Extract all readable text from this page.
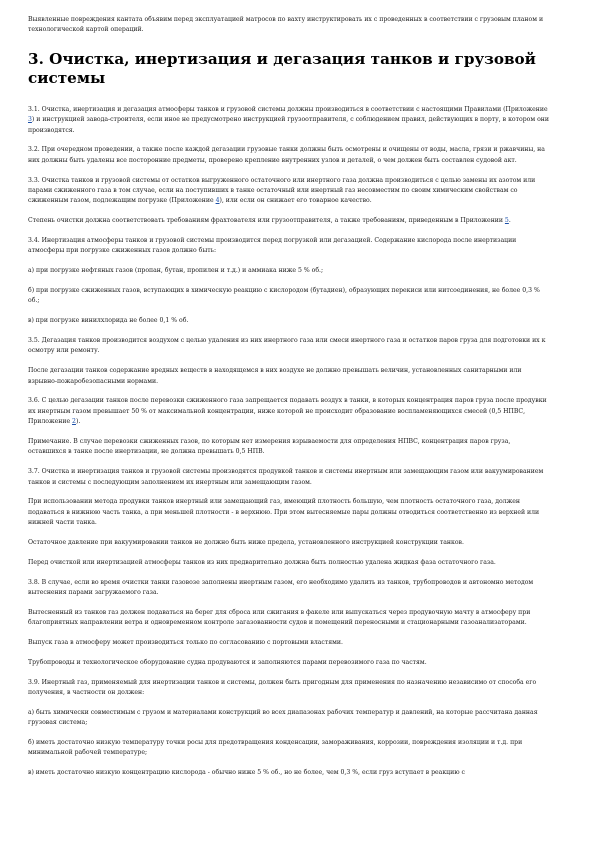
Выявленные повреждения кантата объявим перед эксплуатацией матросов по вахту инструктировать их с проведенных в соответствии с грузовым планом и технологической картой операций.

3. Очистка, инертизация и дегазация танков и грузовой системы

3.1. Очистка, инертизация и дегазация атмосферы танков и грузовой системы должны производиться в соответствии с настоящими Правилами (Приложение 3) и инструкцией завода-строителя, если иное не предусмотрено инструкцией грузоотправителя, с соблюдением правил, действующих в порту, в котором они производятся.

3.2. При очередном проведении, а также после каждой дегазации грузовые танки должны быть осмотрены и очищены от воды, масла, грязи и ржавчины, на них должны быть удалены все посторонние предметы, проверено крепление внутренних узлов и деталей, о чем должен быть составлен судовой акт.

3.3. Очистка танков и грузовой системы от остатков выгруженного остаточного или инертного газа должна производиться с целью замены их азотом или парами сжиженного газа в том случае, если на поступивших в танке остаточный или инертный газ несовместим по своим химическим свойствам со сжиженным газом, подлежащим погрузке (Приложение 4), или если он снижает его товарное качество.

Степень очистки должна соответствовать требованиям фрахтователя или грузоотправителя, а также требованиям, приведенным в Приложении 5.

3.4. Инертизация атмосферы танков и грузовой системы производится перед погрузкой или дегазацией. Содержание кислорода после инертизации атмосферы при погрузке сжиженных газов должно быть:

а) при погрузке нефтяных газов (пропан, бутан, пропилен и т.д.) и аммиака ниже 5 % об.;

б) при погрузке сжиженных газов, вступающих в химическую реакцию с кислородом (бутадиен), образующих перекиси или нитсоединения, не более 0,3 % об.;

в) при погрузке винилхлорида не более 0,1 % об.

3.5. Дегазация танков производится воздухом с целью удаления из них инертного газа или смеси инертного газа и остатков паров груза для подготовки их к осмотру или ремонту.

После дегазации танков содержание вредных веществ в находящемся в них воздухе не должно превышать величин, установленных санитарными или взрывно-пожаробезопасными нормами.

3.6. С целью дегазации танков после перевозки сжиженного газа запрещается подавать воздух в танки, в которых концентрация паров груза после продувки их инертным газом превышает 50 % от максимальной концентрации, ниже которой не происходит образование воспламеняющихся смесей (0,5 НПВС, Приложение 2).

Примечание. В случае перевозки сжиженных газов, по которым нет измерения взрываемости для определения НПВС, концентрация паров груза, оставшихся в танке после инертизации, не должна превышать 0,5 НПВ.

3.7. Очистка и инертизация танков и грузовой системы производятся продувкой танков и системы инертным или замещающим газом или вакуумированием танков и системы с последующим заполнением их инертным или замещающим газом.

При использовании метода продувки танков инертный или замещающий газ, имеющий плотность большую, чем плотность остаточного газа, должен подаваться в нижнюю часть танка, а при меньшей плотности - в верхнюю. При этом вытесняемые пары должны отводиться соответственно из верхней или нижней части танка.

Остаточное давление при вакуумировании танков не должно быть ниже предела, установленного инструкцией конструкции танков.

Перед очисткой или инертизацией атмосферы танков из них предварительно должна быть полностью удалена жидкая фаза остаточного газа.

3.8. В случае, если во время очистки танки газовозе заполнены инертным газом, его необходимо удалить из танков, трубопроводов и автономно методом вытеснения парами загружаемого газа.

Вытесненный из танков газ должен подаваться на берег для сброса или сжигания в факеле или выпускаться через продувочную мачту в атмосферу при благоприятных направлении ветра и одновременном контроле загазованности судов и помещений переносными и стационарными газоанализаторами.

Выпуск газа в атмосферу может производиться только по согласованию с портовыми властями.

Трубопроводы и технологическое оборудование судна продуваются и заполняются парами перевозимого газа по частям.

3.9. Инертный газ, применяемый для инертизации танков и системы, должен быть пригодным для применения по назначению независимо от способа его получения, в частности он должен:

а) быть химически совместимым с грузом и материалами конструкций во всех диапазонах рабочих температур и давлений, на которые рассчитана данная грузовая система;

б) иметь достаточно низкую температуру точки росы для предотвращения конденсации, замораживания, коррозии, повреждения изоляции и т.д. при минимальной рабочей температуре;

в) иметь достаточно низкую концентрацию кислорода - обычно ниже 5 % об., но не более, чем 0,3 %, если груз вступает в реакцию с
